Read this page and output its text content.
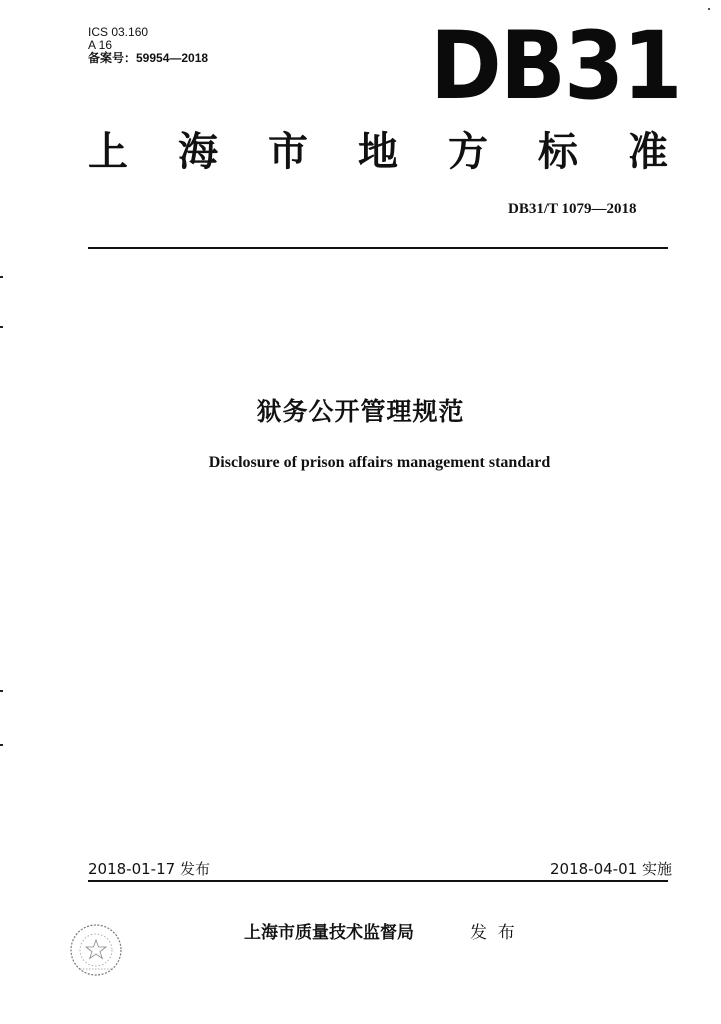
ICS 03.160
A 16
备案号：59954—2018 DB31
上 海 市 地 方 标 准
DB31/T 1079—2018
狱务公开管理规范
Disclosure of prison affairs management standard
2018-01-17 发布	2018-04-01 实施
上海市质量技术监督局	发  布
